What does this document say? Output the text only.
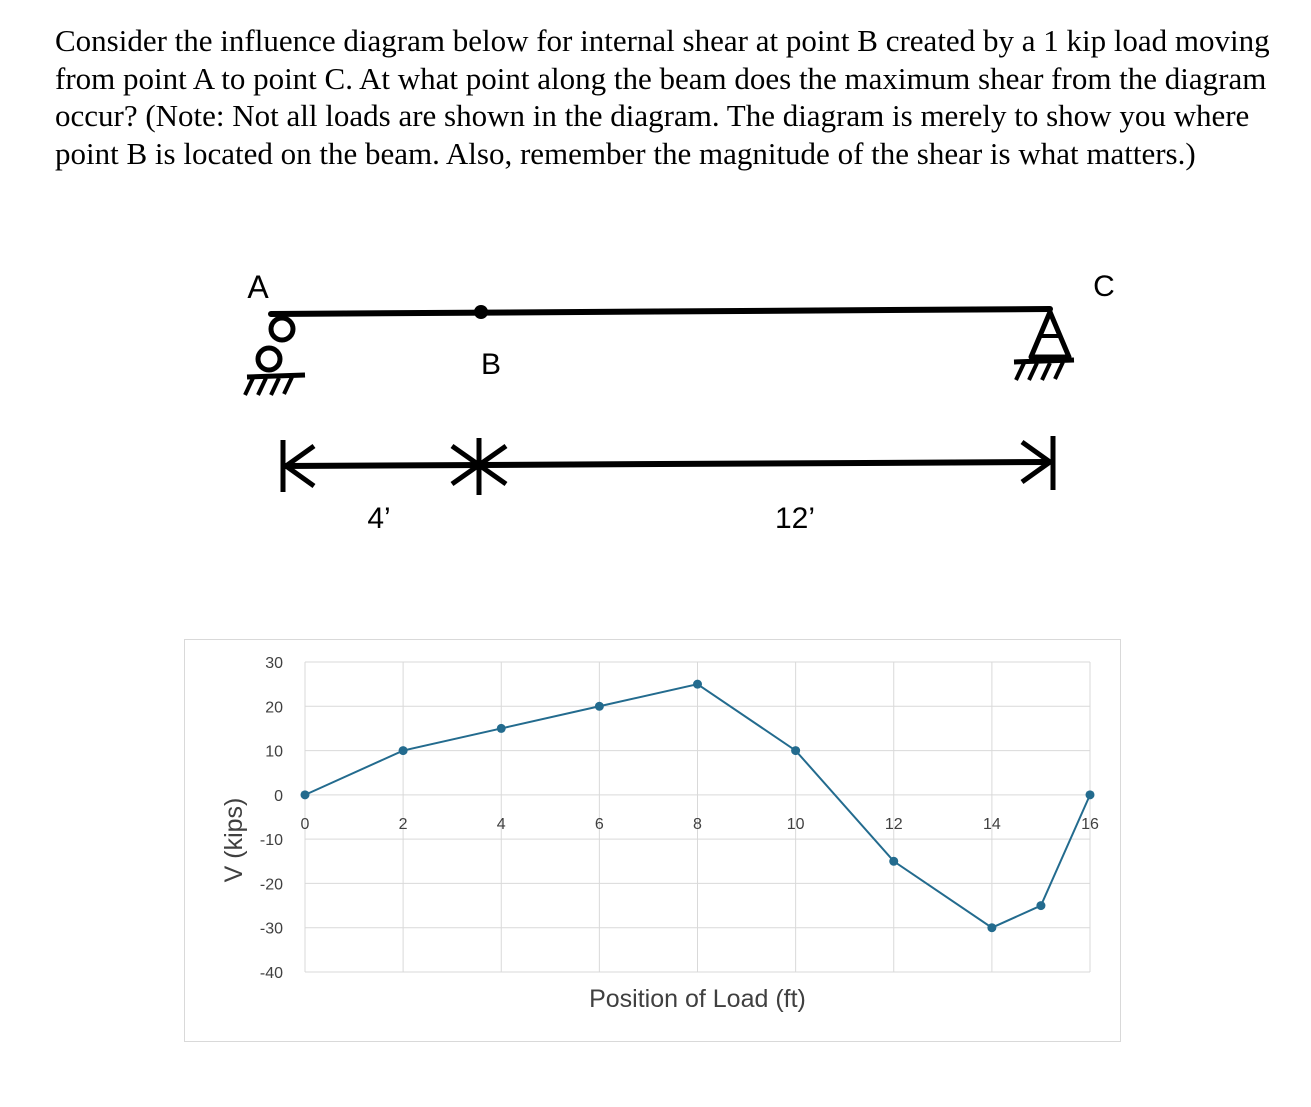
Consider the influence diagram below for internal shear at point B created by a 1 kip load moving from point A to point C. At what point along the beam does the maximum shear from the diagram occur? (Note: Not all loads are shown in the diagram. The diagram is merely to show you where point B is located on the beam. Also, remember the magnitude of the shear is what matters.)
A
B
C
4’	12’
30
20
10
0
-10
-20
-30
-40
0	2	4	6	8	10	12	14	16
Position of Load (ft)
V (kips)
